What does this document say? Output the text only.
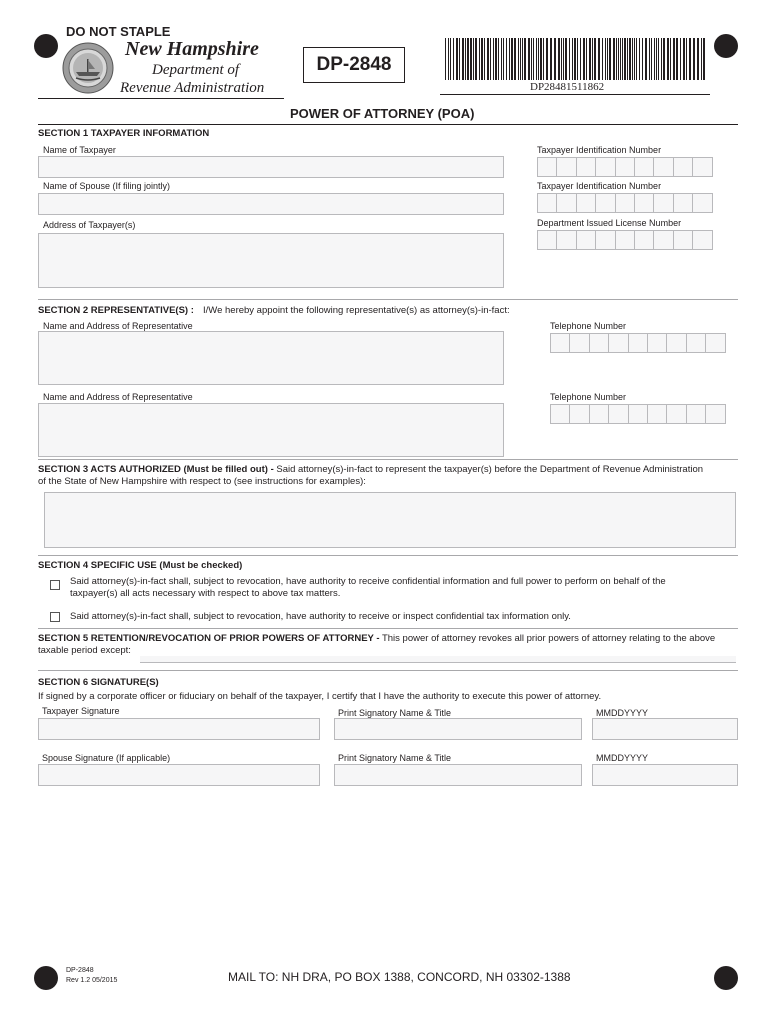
DO NOT STAPLE
New Hampshire
Department of
Revenue Administration
DP-2848
DP28481511862
POWER OF ATTORNEY (POA)
SECTION 1 TAXPAYER INFORMATION
Name of Taxpayer	Taxpayer Identification Number
Name of Spouse (If filing jointly)	Taxpayer Identification Number
Address of Taxpayer(s)	Department Issued License Number
SECTION 2 REPRESENTATIVE(S) : I/We hereby appoint the following representative(s) as attorney(s)-in-fact:
Name and Address of Representative	Telephone Number
Name and Address of Representative	Telephone Number
SECTION 3 ACTS AUTHORIZED (Must be filled out) - Said attorney(s)-in-fact to represent the taxpayer(s) before the Department of Revenue Administration
of the State of New Hampshire with respect to (see instructions for examples):
SECTION 4 SPECIFIC USE (Must be checked)
Said attorney(s)-in-fact shall, subject to revocation, have authority to receive confidential information and full power to perform on behalf of the
taxpayer(s) all acts necessary with respect to above tax matters.
Said attorney(s)-in-fact shall, subject to revocation, have authority to receive or inspect confidential tax information only.
SECTION 5 RETENTION/REVOCATION OF PRIOR POWERS OF ATTORNEY - This power of attorney revokes all prior powers of attorney relating to the above
taxable period except:
SECTION 6 SIGNATURE(S)
If signed by a corporate officer or fiduciary on behalf of the taxpayer, I certify that I have the authority to execute this power of attorney.
Taxpayer Signature	Print Signatory Name & Title	MMDDYYYY
Spouse Signature (If applicable)	Print Signatory Name & Title	MMDDYYYY
DP-2848
Rev 1.2 05/2015	MAIL TO: NH DRA, PO BOX 1388, CONCORD, NH 03302-1388
